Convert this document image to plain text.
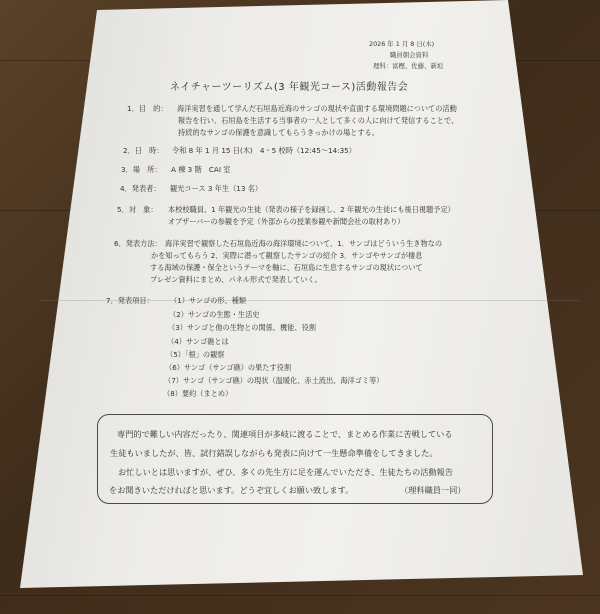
2026 年 1 月 8 日(木)
職員朝会資料
理科：富樫、佐藤、新垣
ネイチャーツーリズム(3 年観光コース)活動報告会
1．目　的： 海洋実習を通して学んだ石垣島近海のサンゴの現状や直面する環境問題についての活動
報告を行い、石垣島を生活する当事者の一人として多くの人に向けて発信することで、
持続的なサンゴの保護を意識してもらうきっかけの場とする。
2．日　時： 令和 8 年 1 月 15 日(木)　4・5 校時（12:45～14:35）
3．場　所： A 棟 3 階　CAI 室
4．発表者： 観光コース 3 年生（13 名）
5．対　象： 本校校職員、1 年観光の生徒（発表の様子を録画し、2 年観光の生徒にも後日視聴予定）
オブザーバーの参観を予定（外部からの授業参観や新聞会社の取材あり）
6．発表方法： 海洋実習で観察した石垣島近海の海洋環境について、1．サンゴはどういう生き物なの
かを知ってもらう 2．実際に潜って観察したサンゴの紹介 3．サンゴやサンゴが棲息
する海域の保護・保全というテーマを軸に、石垣島に生息するサンゴの現状について
プレゼン資料にまとめ、パネル形式で発表していく。
7．発表項目： （1）サンゴの形、種類
（2）サンゴの生態・生活史
（3）サンゴと他の生物との関係、機能、役割
（4）サンゴ礁とは
（5）「根」の観察
（6）サンゴ（サンゴ礁）の果たす役割
（7）サンゴ（サンゴ礁）の現状（温暖化、赤土流出、海洋ゴミ等）
（8）要約（まとめ）
専門的で難しい内容だったり、関連項目が多岐に渡ることで、まとめる作業に苦戦している
生徒もいましたが、皆、試行錯誤しながらも発表に向けて一生懸命準備をしてきました。
お忙しいとは思いますが、ぜひ、多くの先生方に足を運んでいただき、生徒たちの活動報告
をお聞きいただければと思います。どうぞ宜しくお願い致します。	（理科職員一同）
